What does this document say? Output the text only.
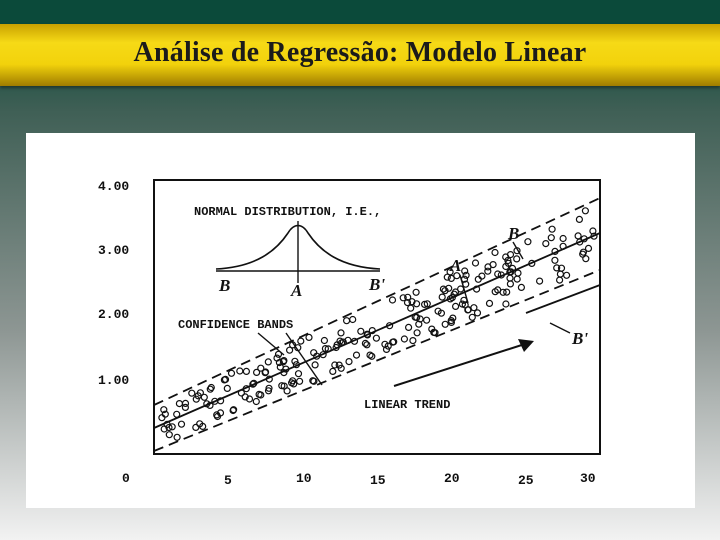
Análise de Regressão: Modelo Linear
4.00
3.00
2.00
1.00
0	5	10	15	20	25	30
NORMAL DISTRIBUTION, I.E.,
B	A	B'
CONFIDENCE BANDS
LINEAR TREND
A
B
B'
